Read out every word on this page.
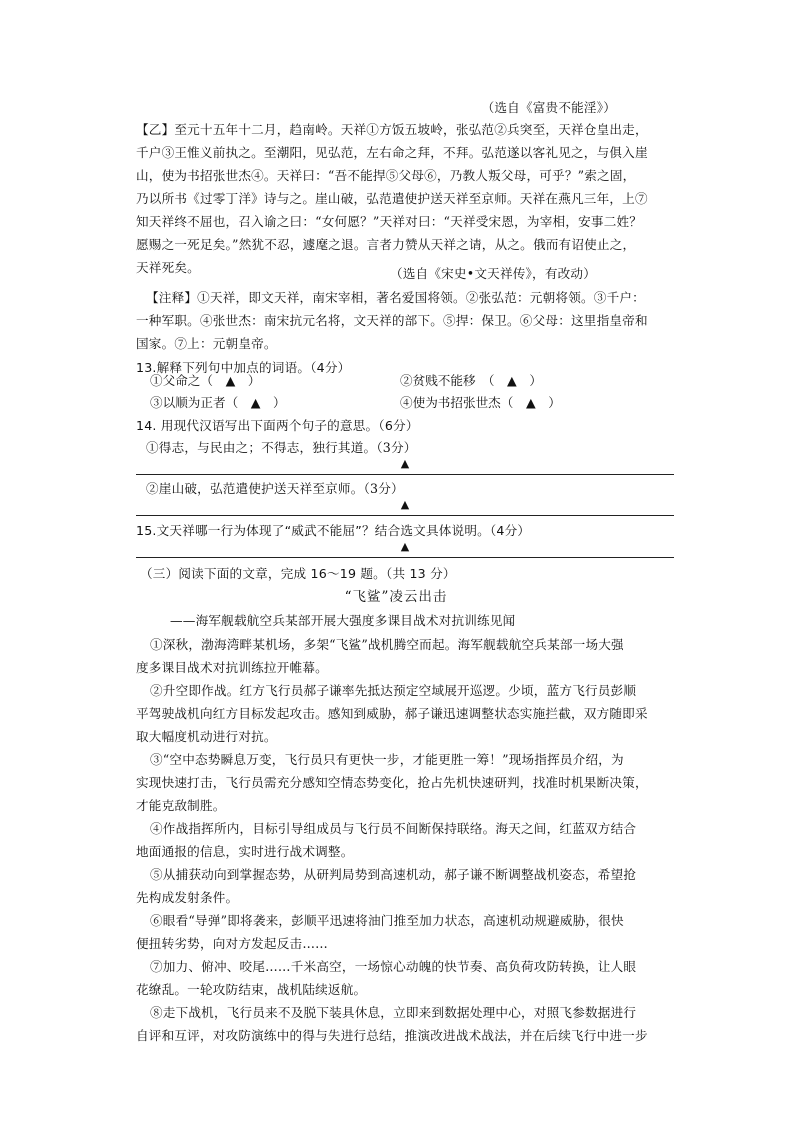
（选自《富贵不能淫》）
【乙】至元十五年十二月，趋南岭。天祥①方饭五坡岭，张弘范②兵突至，天祥仓皇出走，
千户③王惟义前执之。至潮阳，见弘范，左右命之拜，不拜。弘范遂以客礼见之，与俱入崖
山，使为书招张世杰④。天祥曰：“吾不能捍⑤父母⑥，乃教人叛父母，可乎？”索之固，
乃以所书《过零丁洋》诗与之。崖山破，弘范遣使护送天祥至京师。天祥在燕凡三年，上⑦
知天祥终不屈也，召入谕之曰：“女何愿？”天祥对曰：“天祥受宋恩，为宰相，安事二姓？
愿赐之一死足矣。”然犹不忍，遽麾之退。言者力赞从天祥之请，从之。俄而有诏使止之，
天祥死矣。	（选自《宋史•文天祥传》，有改动）
【注释】①天祥，即文天祥，南宋宰相，著名爱国将领。②张弘范：元朝将领。③千户：
一种军职。④张世杰：南宋抗元名将，文天祥的部下。⑤捍：保卫。⑥父母：这里指皇帝和
国家。⑦上：元朝皇帝。
13.解释下列句中加点的词语。（4分）
①父命之（　▲　）	②贫贱不能移　（　▲　）
③以顺为正者（　▲　）	④使为书招张世杰（　▲　）
14. 用现代汉语写出下面两个句子的意思。（6分）
①得志，与民由之；不得志，独行其道。（3分）
▲
②崖山破，弘范遣使护送天祥至京师。（3分）
▲
15.文天祥哪一行为体现了“威武不能屈”？结合选文具体说明。（4分）
▲
（三）阅读下面的文章，完成 16～19 题。（共 13 分）
“飞鲨”凌云出击
——海军舰载航空兵某部开展大强度多课目战术对抗训练见闻
①深秋，渤海湾畔某机场，多架“飞鲨”战机腾空而起。海军舰载航空兵某部一场大强
度多课目战术对抗训练拉开帷幕。
②升空即作战。红方飞行员郝子谦率先抵达预定空域展开巡逻。少顷，蓝方飞行员彭顺
平驾驶战机向红方目标发起攻击。感知到威胁，郝子谦迅速调整状态实施拦截，双方随即采
取大幅度机动进行对抗。
③“空中态势瞬息万变，飞行员只有更快一步，才能更胜一筹！”现场指挥员介绍，为
实现快速打击，飞行员需充分感知空情态势变化，抢占先机快速研判，找准时机果断决策，
才能克敌制胜。
④作战指挥所内，目标引导组成员与飞行员不间断保持联络。海天之间，红蓝双方结合
地面通报的信息，实时进行战术调整。
⑤从捕获动向到掌握态势，从研判局势到高速机动，郝子谦不断调整战机姿态，希望抢
先构成发射条件。
⑥眼看“导弹”即将袭来，彭顺平迅速将油门推至加力状态，高速机动规避威胁，很快
便扭转劣势，向对方发起反击……
⑦加力、俯冲、咬尾……千米高空，一场惊心动魄的快节奏、高负荷攻防转换，让人眼
花缭乱。一轮攻防结束，战机陆续返航。
⑧走下战机，飞行员来不及脱下装具休息，立即来到数据处理中心，对照飞参数据进行
自评和互评，对攻防演练中的得与失进行总结，推演改进战术战法，并在后续飞行中进一步
